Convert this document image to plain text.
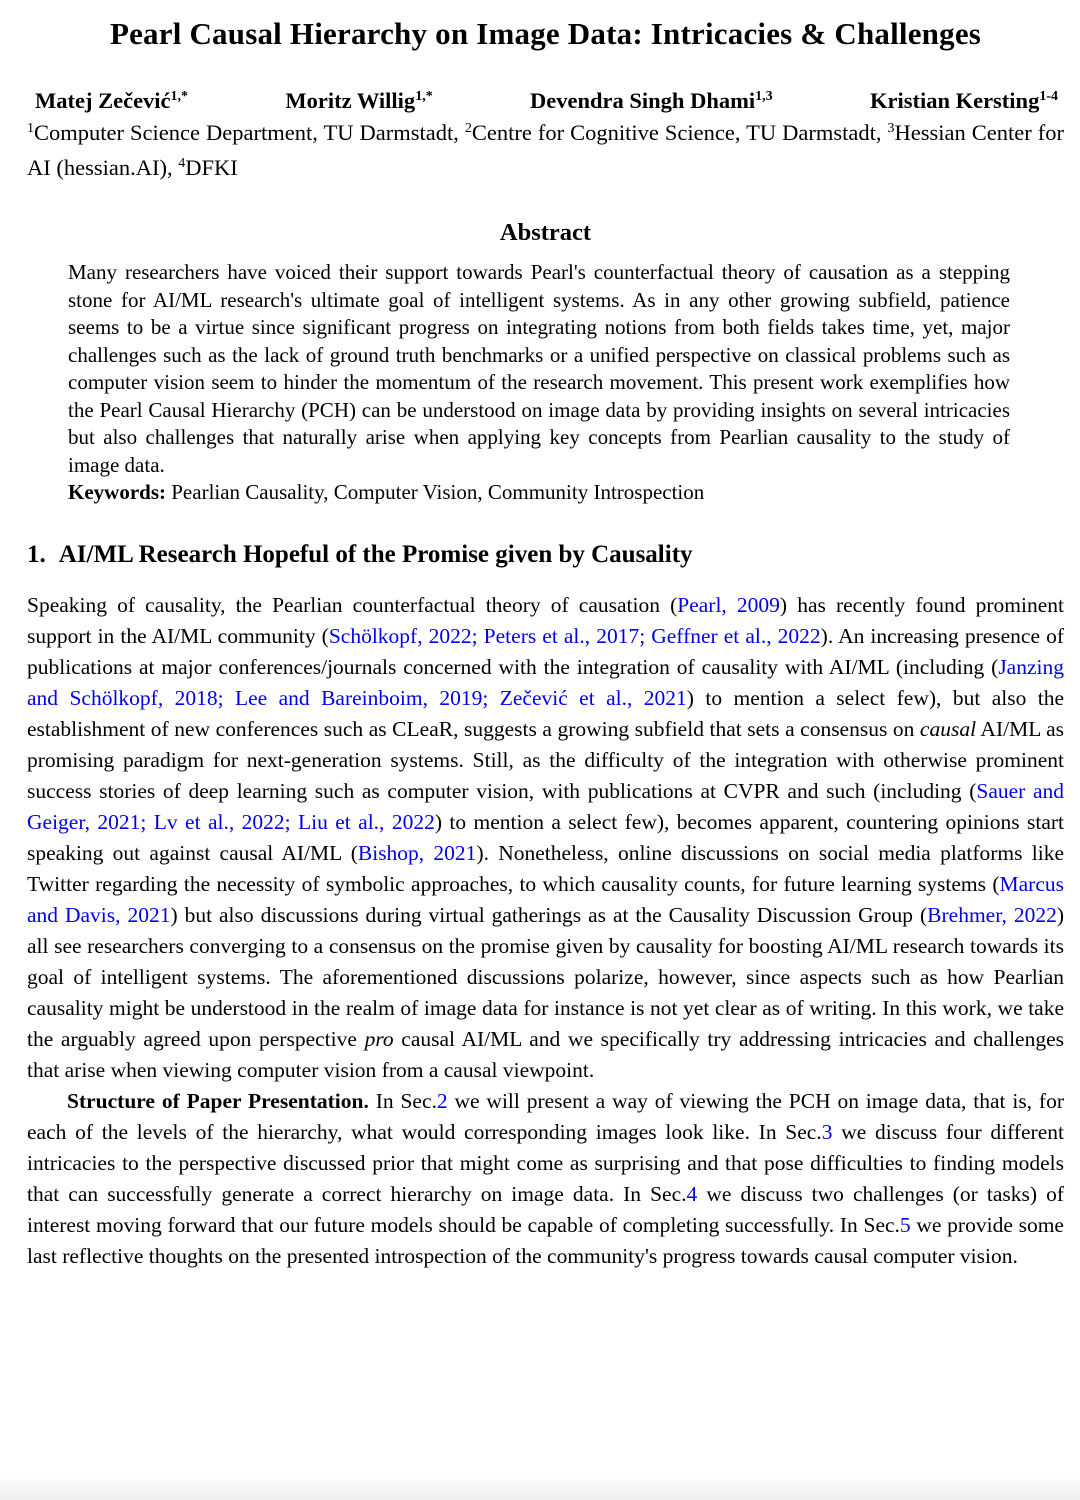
Pearl Causal Hierarchy on Image Data: Intricacies & Challenges
Matej Zečević$^{1,*}$	Moritz Willig$^{1,*}$	Devendra Singh Dhami$^{1,3}$	Kristian Kersting$^{1-4}$

$^1$Computer Science Department, TU Darmstadt, $^2$Centre for Cognitive Science, TU Darmstadt, $^3$Hessian Center for AI (hessian.AI), $^4$DFKI

Abstract

Many researchers have voiced their support towards Pearl's counterfactual theory of causation as a stepping stone for AI/ML research's ultimate goal of intelligent systems. As in any other growing subfield, patience seems to be a virtue since significant progress on integrating notions from both fields takes time, yet, major challenges such as the lack of ground truth benchmarks or a unified perspective on classical problems such as computer vision seem to hinder the momentum of the research movement. This present work exemplifies how the Pearl Causal Hierarchy (PCH) can be understood on image data by providing insights on several intricacies but also challenges that naturally arise when applying key concepts from Pearlian causality to the study of image data.

Keywords: Pearlian Causality, Computer Vision, Community Introspection

1. AI/ML Research Hopeful of the Promise given by Causality

Speaking of causality, the Pearlian counterfactual theory of causation (Pearl, 2009) has recently found prominent support in the AI/ML community (Schölkopf, 2022; Peters et al., 2017; Geffner et al., 2022). An increasing presence of publications at major conferences/journals concerned with the integration of causality with AI/ML (including (Janzing and Schölkopf, 2018; Lee and Bareinboim, 2019; Zečević et al., 2021) to mention a select few), but also the establishment of new conferences such as CLeaR, suggests a growing subfield that sets a consensus on causal AI/ML as promising paradigm for next-generation systems. Still, as the difficulty of the integration with otherwise prominent success stories of deep learning such as computer vision, with publications at CVPR and such (including (Sauer and Geiger, 2021; Lv et al., 2022; Liu et al., 2022) to mention a select few), becomes apparent, countering opinions start speaking out against causal AI/ML (Bishop, 2021). Nonetheless, online discussions on social media platforms like Twitter regarding the necessity of symbolic approaches, to which causality counts, for future learning systems (Marcus and Davis, 2021) but also discussions during virtual gatherings as at the Causality Discussion Group (Brehmer, 2022) all see researchers converging to a consensus on the promise given by causality for boosting AI/ML research towards its goal of intelligent systems. The aforementioned discussions polarize, however, since aspects such as how Pearlian causality might be understood in the realm of image data for instance is not yet clear as of writing. In this work, we take the arguably agreed upon perspective pro causal AI/ML and we specifically try addressing intricacies and challenges that arise when viewing computer vision from a causal viewpoint.

Structure of Paper Presentation. In Sec.2 we will present a way of viewing the PCH on image data, that is, for each of the levels of the hierarchy, what would corresponding images look like. In Sec.3 we discuss four different intricacies to the perspective discussed prior that might come as surprising and that pose difficulties to finding models that can successfully generate a correct hierarchy on image data. In Sec.4 we discuss two challenges (or tasks) of interest moving forward that our future models should be capable of completing successfully. In Sec.5 we provide some last reflective thoughts on the presented introspection of the community's progress towards causal computer vision.
